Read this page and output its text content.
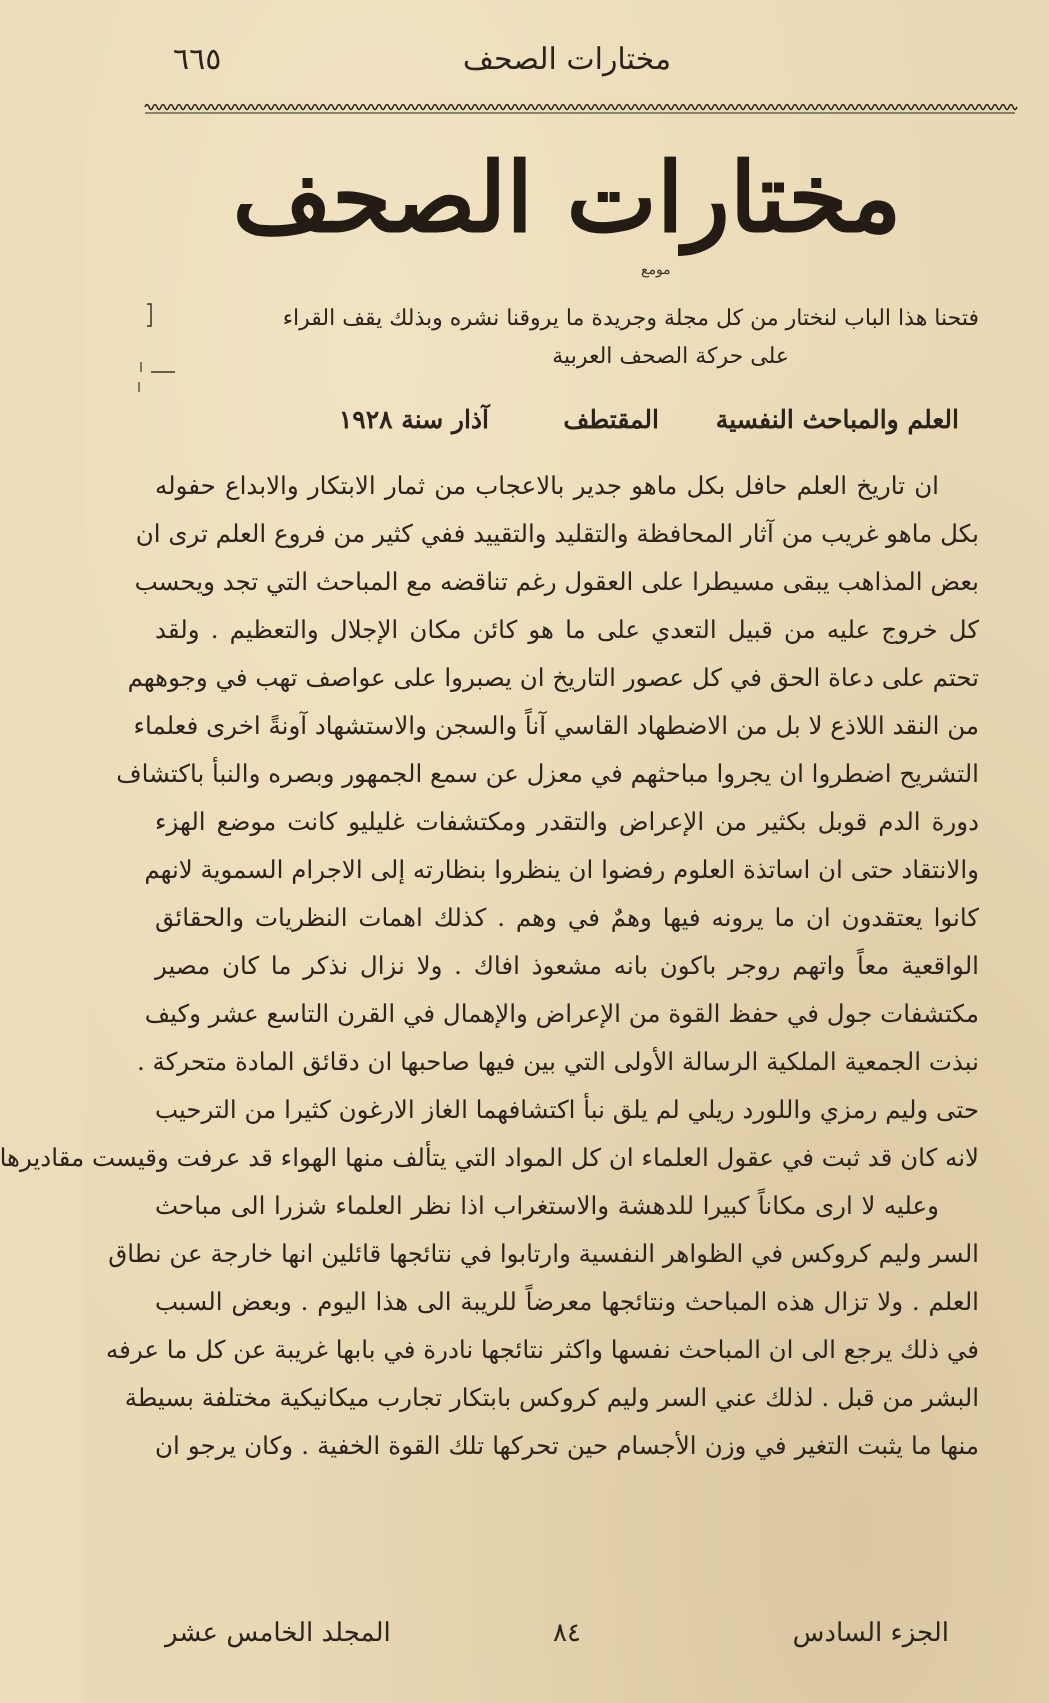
٦٦٥	مختارات الصحف
مختارات الصحف
مومع
فتحنا هذا الباب لنختار من كل مجلة وجريدة ما يروقنا نشره وبذلك يقف القراء
على حركة الصحف العربية
العلم والمباحث النفسية
المقتطف
آذار سنة ١٩٢٨
ان تاريخ العلم حافل بكل ماهو جدير بالاعجاب من ثمار الابتكار والابداع حفوله
بكل ماهو غريب من آثار المحافظة والتقليد والتقييد ففي كثير من فروع العلم ترى ان
بعض المذاهب يبقى مسيطرا على العقول رغم تناقضه مع المباحث التي تجد ويحسب
كل خروج عليه من قبيل التعدي على ما هو كائن مكان الإجلال والتعظيم . ولقد
تحتم على دعاة الحق في كل عصور التاريخ ان يصبروا على عواصف تهب في وجوههم
من النقد اللاذع لا بل من الاضطهاد القاسي آناً والسجن والاستشهاد آونةً اخرى فعلماء
التشريح اضطروا ان يجروا مباحثهم في معزل عن سمع الجمهور وبصره والنبأ باكتشاف
دورة الدم قوبل بكثير من الإعراض والتقدر ومكتشفات غليليو كانت موضع الهزء
والانتقاد حتى ان اساتذة العلوم رفضوا ان ينظروا بنظارته إلى الاجرام السموية لانهم
كانوا يعتقدون ان ما يرونه فيها وهمٌ في وهم . كذلك اهمات النظريات والحقائق
الواقعية معاً واتهم روجر باكون بانه مشعوذ افاك . ولا نزال نذكر ما كان مصير
مكتشفات جول في حفظ القوة من الإعراض والإهمال في القرن التاسع عشر وكيف
نبذت الجمعية الملكية الرسالة الأولى التي بين فيها صاحبها ان دقائق المادة متحركة .
حتى وليم رمزي واللورد ريلي لم يلق نبأ اكتشافهما الغاز الارغون كثيرا من الترحيب
لانه كان قد ثبت في عقول العلماء ان كل المواد التي يتألف منها الهواء قد عرفت وقيست مقاديرها
وعليه لا ارى مكاناً كبيرا للدهشة والاستغراب اذا نظر العلماء شزرا الى مباحث
السر وليم كروكس في الظواهر النفسية وارتابوا في نتائجها قائلين انها خارجة عن نطاق
العلم . ولا تزال هذه المباحث ونتائجها معرضاً للريبة الى هذا اليوم . وبعض السبب
في ذلك يرجع الى ان المباحث نفسها واكثر نتائجها نادرة في بابها غريبة عن كل ما عرفه
البشر من قبل . لذلك عني السر وليم كروكس بابتكار تجارب ميكانيكية مختلفة بسيطة
منها ما يثبت التغير في وزن الأجسام حين تحركها تلك القوة الخفية . وكان يرجو ان
الجزء السادس
٨٤
المجلد الخامس عشر
